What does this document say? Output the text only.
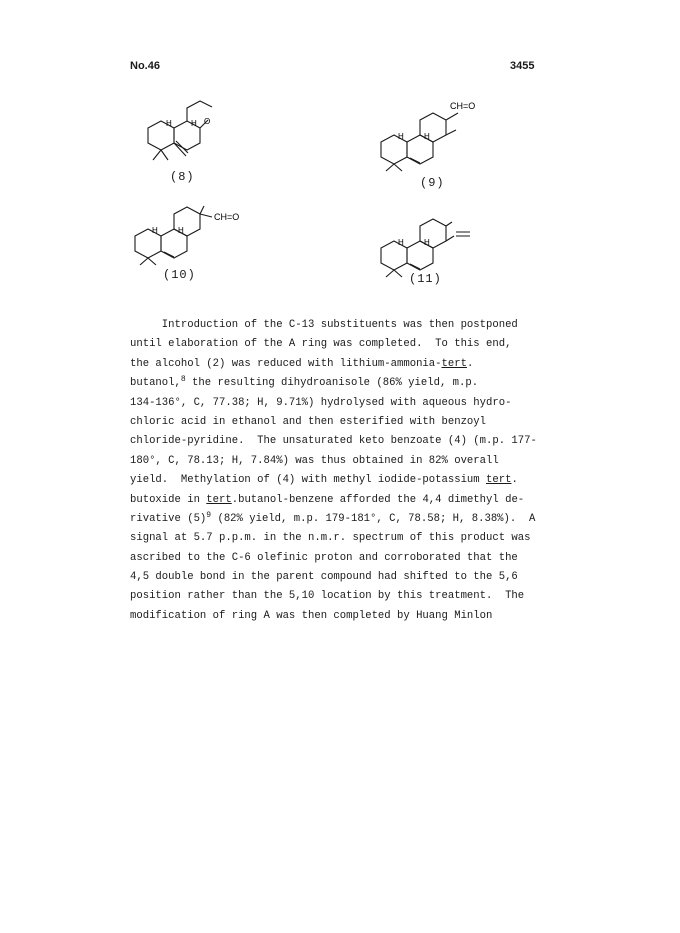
No.46	3455
H H O
(8)
H	H
CH=O
(9)
H	H
CH=O
(10)
H	H
(11)
Introduction of the C-13 substituents was then postponed
until elaboration of the A ring was completed.  To this end,
the alcohol (2) was reduced with lithium-ammonia-tert.
butanol,$^8$ the resulting dihydroanisole (86% yield, m.p.
134-136°, C, 77.38; H, 9.71%) hydrolysed with aqueous hydro-
chloric acid in ethanol and then esterified with benzoyl
chloride-pyridine.  The unsaturated keto benzoate (4) (m.p. 177-
180°, C, 78.13; H, 7.84%) was thus obtained in 82% overall
yield.  Methylation of (4) with methyl iodide-potassium tert.
butoxide in tert.butanol-benzene afforded the 4,4 dimethyl de-
rivative $(5)^9$ (82% yield, m.p. 179-181°, C, 78.58; H, 8.38%).  A
signal at 5.7 p.p.m. in the n.m.r. spectrum of this product was
ascribed to the C-6 olefinic proton and corroborated that the
4,5 double bond in the parent compound had shifted to the 5,6
position rather than the 5,10 location by this treatment.  The
modification of ring A was then completed by Huang Minlon
